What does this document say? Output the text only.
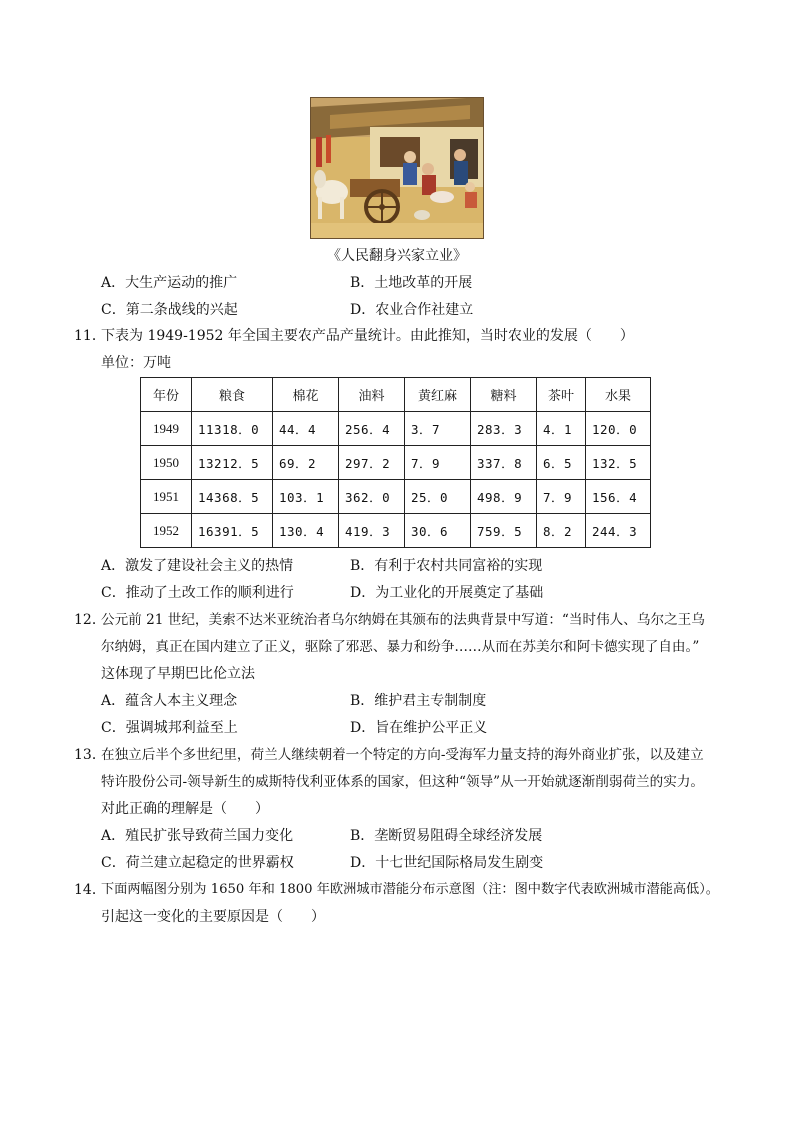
《人民翻身兴家立业》
A．大生产运动的推广	B．土地改革的开展
C．第二条战线的兴起	D．农业合作社建立
11．
下表为 1949-1952 年全国主要农产品产量统计。由此推知，当时农业的发展（　　）
单位：万吨
年份	粮食	棉花	油料	黄红麻	糖料	茶叶	水果
1949	11318．0	44．4	256．4	3．7	283．3	4．1	120．0
1950	13212．5	69．2	297．2	7．9	337．8	6．5	132．5
1951	14368．5	103．1	362．0	25．0	498．9	7．9	156．4
1952	16391．5	130．4	419．3	30．6	759．5	8．2	244．3
A．激发了建设社会主义的热情	B．有利于农村共同富裕的实现
C．推动了土改工作的顺利进行	D．为工业化的开展奠定了基础
12．
公元前 21 世纪，美索不达米亚统治者乌尔纳姆在其颁布的法典背景中写道：“当时伟人、乌尔之王乌
尔纳姆，真正在国内建立了正义，驱除了邪恶、暴力和纷争……从而在苏美尔和阿卡德实现了自由。”
这体现了早期巴比伦立法
A．蕴含人本主义理念	B．维护君主专制制度
C．强调城邦利益至上	D．旨在维护公平正义
13．
在独立后半个多世纪里，荷兰人继续朝着一个特定的方向-受海军力量支持的海外商业扩张，以及建立
特许股份公司-领导新生的威斯特伐利亚体系的国家，但这种“领导”从一开始就逐渐削弱荷兰的实力。
对此正确的理解是（　　）
A．殖民扩张导致荷兰国力变化	B．垄断贸易阻碍全球经济发展
C．荷兰建立起稳定的世界霸权	D．十七世纪国际格局发生剧变
14．
下面两幅图分别为 1650 年和 1800 年欧洲城市潜能分布示意图（注：图中数字代表欧洲城市潜能高低）。
引起这一变化的主要原因是（　　）
